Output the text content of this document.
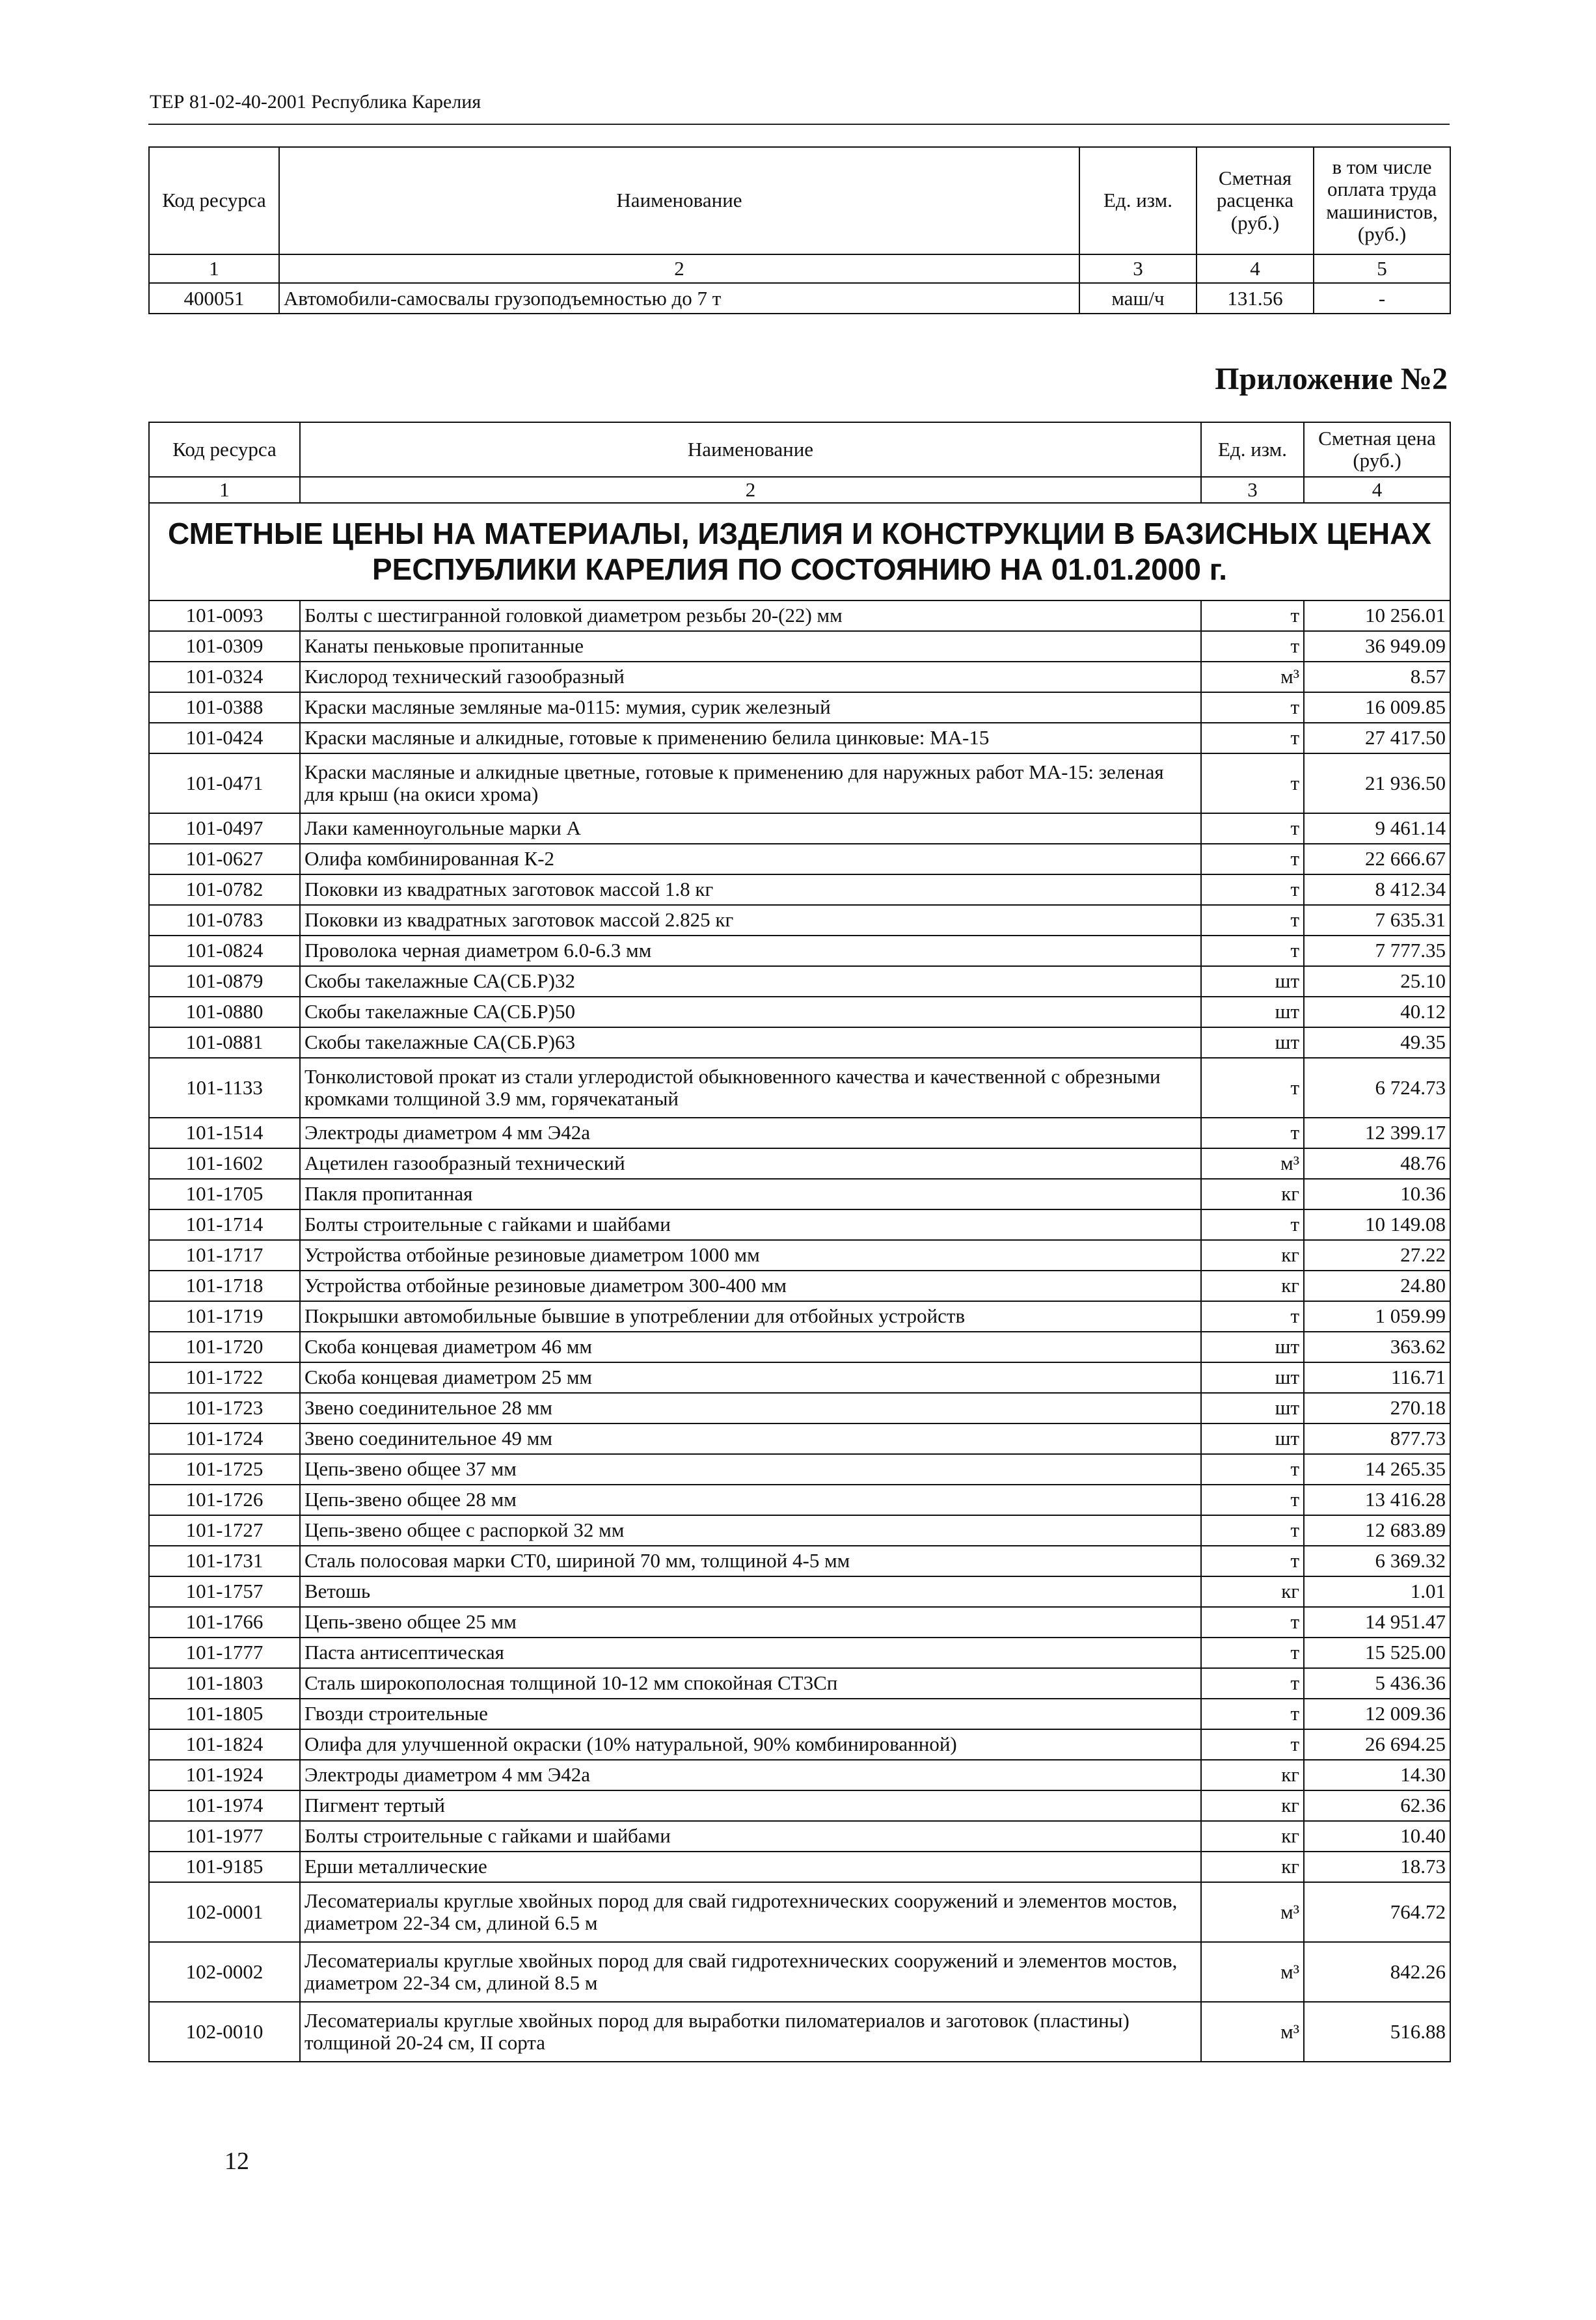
ТЕР 81-02-40-2001 Республика Карелия
Код ресурса	Наименование	Ед. изм.	Сметная расценка (руб.)	в том числе оплата труда машинистов, (руб.)
1	2	3	4	5
400051	Автомобили-самосвалы грузоподъемностью до 7 т	маш/ч	131.56	-
Приложение №2
Код ресурса	Наименование	Ед. изм.	Сметная цена (руб.)
1	2	3	4
СМЕТНЫЕ ЦЕНЫ НА МАТЕРИАЛЫ, ИЗДЕЛИЯ И КОНСТРУКЦИИ В БАЗИСНЫХ ЦЕНАХ РЕСПУБЛИКИ КАРЕЛИЯ ПО СОСТОЯНИЮ НА 01.01.2000 г.			
101-0093	Болты с шестигранной головкой диаметром резьбы 20-(22) мм	т	10 256.01
101-0309	Канаты пеньковые пропитанные	т	36 949.09
101-0324	Кислород технический газообразный	м³	8.57
101-0388	Краски масляные земляные ма-0115: мумия, сурик железный	т	16 009.85
101-0424	Краски масляные и алкидные, готовые к применению белила цинковые: МА-15	т	27 417.50
101-0471	Краски масляные и алкидные цветные, готовые к применению для наружных работ МА-15: зеленая для крыш (на окиси хрома)	т	21 936.50
101-0497	Лаки каменноугольные марки А	т	9 461.14
101-0627	Олифа комбинированная К-2	т	22 666.67
101-0782	Поковки из квадратных заготовок массой 1.8 кг	т	8 412.34
101-0783	Поковки из квадратных заготовок массой 2.825 кг	т	7 635.31
101-0824	Проволока черная диаметром 6.0-6.3 мм	т	7 777.35
101-0879	Скобы такелажные СА(СБ.Р)32	шт	25.10
101-0880	Скобы такелажные СА(СБ.Р)50	шт	40.12
101-0881	Скобы такелажные СА(СБ.Р)63	шт	49.35
101-1133	Тонколистовой прокат из стали углеродистой обыкновенного качества и качественной с обрезными кромками толщиной 3.9 мм, горячекатаный	т	6 724.73
101-1514	Электроды диаметром 4 мм Э42а	т	12 399.17
101-1602	Ацетилен газообразный технический	м³	48.76
101-1705	Пакля пропитанная	кг	10.36
101-1714	Болты строительные с гайками и шайбами	т	10 149.08
101-1717	Устройства отбойные резиновые диаметром 1000 мм	кг	27.22
101-1718	Устройства отбойные резиновые диаметром 300-400 мм	кг	24.80
101-1719	Покрышки автомобильные бывшие в употреблении для отбойных устройств	т	1 059.99
101-1720	Скоба концевая диаметром 46 мм	шт	363.62
101-1722	Скоба концевая диаметром 25 мм	шт	116.71
101-1723	Звено соединительное 28 мм	шт	270.18
101-1724	Звено соединительное 49 мм	шт	877.73
101-1725	Цепь-звено общее 37 мм	т	14 265.35
101-1726	Цепь-звено общее 28 мм	т	13 416.28
101-1727	Цепь-звено общее с распоркой 32 мм	т	12 683.89
101-1731	Сталь полосовая марки СТ0, шириной 70 мм, толщиной 4-5 мм	т	6 369.32
101-1757	Ветошь	кг	1.01
101-1766	Цепь-звено общее 25 мм	т	14 951.47
101-1777	Паста антисептическая	т	15 525.00
101-1803	Сталь широкополосная толщиной 10-12 мм спокойная СТ3Сп	т	5 436.36
101-1805	Гвозди строительные	т	12 009.36
101-1824	Олифа для улучшенной окраски (10% натуральной, 90% комбинированной)	т	26 694.25
101-1924	Электроды диаметром 4 мм Э42а	кг	14.30
101-1974	Пигмент тертый	кг	62.36
101-1977	Болты строительные с гайками и шайбами	кг	10.40
101-9185	Ерши металлические	кг	18.73
102-0001	Лесоматериалы круглые хвойных пород для свай гидротехнических сооружений и элементов мостов, диаметром 22-34 см, длиной 6.5 м	м³	764.72
102-0002	Лесоматериалы круглые хвойных пород для свай гидротехнических сооружений и элементов мостов, диаметром 22-34 см, длиной 8.5 м	м³	842.26
102-0010	Лесоматериалы круглые хвойных пород для выработки пиломатериалов и заготовок (пластины) толщиной 20-24 см, II сорта	м³	516.88
12
